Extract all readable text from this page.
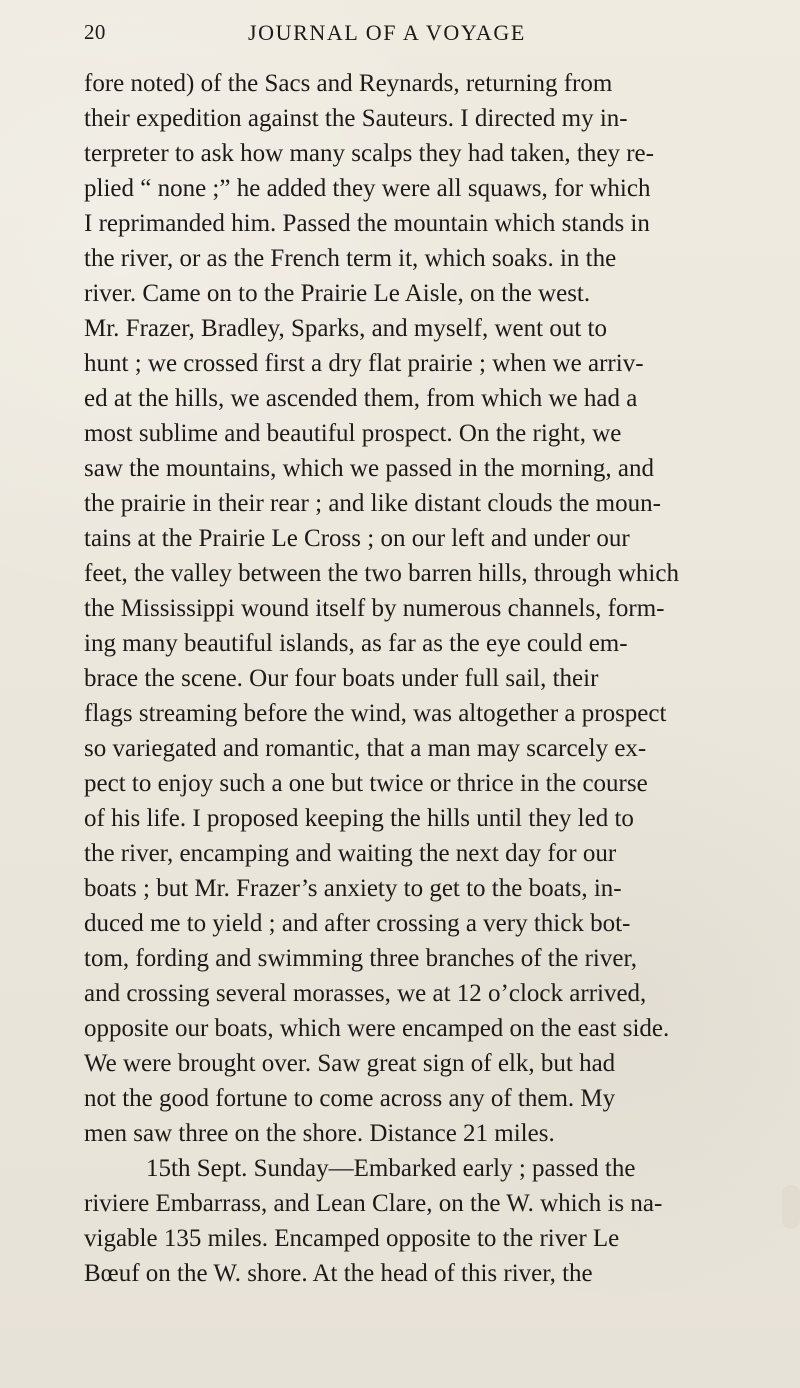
20	JOURNAL OF A VOYAGE
fore noted) of the Sacs and Reynards, returning from
their expedition against the Sauteurs. I directed my in-
terpreter to ask how many scalps they had taken, they re-
plied “ none ;” he added they were all squaws, for which
I reprimanded him. Passed the mountain which stands in
the river, or as the French term it, which soaks. in the
river. Came on to the Prairie Le Aisle, on the west.
Mr. Frazer, Bradley, Sparks, and myself, went out to
hunt ; we crossed first a dry flat prairie ; when we arriv-
ed at the hills, we ascended them, from which we had a
most sublime and beautiful prospect. On the right, we
saw the mountains, which we passed in the morning, and
the prairie in their rear ; and like distant clouds the moun-
tains at the Prairie Le Cross ; on our left and under our
feet, the valley between the two barren hills, through which
the Mississippi wound itself by numerous channels, form-
ing many beautiful islands, as far as the eye could em-
brace the scene. Our four boats under full sail, their
flags streaming before the wind, was altogether a prospect
so variegated and romantic, that a man may scarcely ex-
pect to enjoy such a one but twice or thrice in the course
of his life. I proposed keeping the hills until they led to
the river, encamping and waiting the next day for our
boats ; but Mr. Frazer’s anxiety to get to the boats, in-
duced me to yield ; and after crossing a very thick bot-
tom, fording and swimming three branches of the river,
and crossing several morasses, we at 12 o’clock arrived,
opposite our boats, which were encamped on the east side.
We were brought over. Saw great sign of elk, but had
not the good fortune to come across any of them. My
men saw three on the shore. Distance 21 miles.
15th Sept. Sunday—Embarked early ; passed the
riviere Embarrass, and Lean Clare, on the W. which is na-
vigable 135 miles. Encamped opposite to the river Le
Bœuf on the W. shore. At the head of this river, the
